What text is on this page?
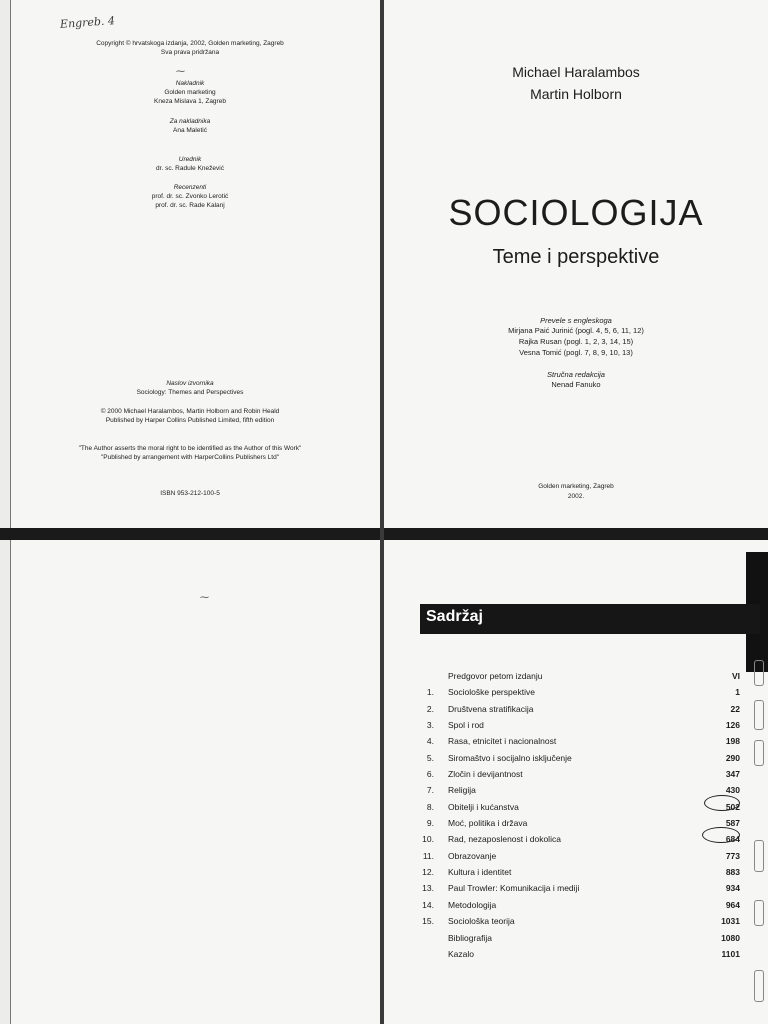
Engreb. 4
Copyright © hrvatskoga izdanja, 2002, Golden marketing, Zagreb
Sva prava pridržana
⁓
Nakladnik
Golden marketing
Kneza Mislava 1, Zagreb
Za nakladnika
Ana Maletić
Urednik
dr. sc. Radule Knežević
Recenzenti
prof. dr. sc. Zvonko Lerotić
prof. dr. sc. Rade Kalanj
Naslov izvornika
Sociology: Themes and Perspectives
© 2000 Michael Haralambos, Martin Holborn and Robin Heald
Published by Harper Collins Published Limited, fifth edition
"The Author asserts the moral right to be identified as the Author of this Work"
"Published by arrangement with HarperCollins Publishers Ltd"
ISBN 953-212-100-5
Michael Haralambos
Martin Holborn
SOCIOLOGIJA
Teme i perspektive
Prevele s engleskoga
Mirjana Paić Jurinić (pogl. 4, 5, 6, 11, 12)
Rajka Rusan (pogl. 1, 2, 3, 14, 15)
Vesna Tomić (pogl. 7, 8, 9, 10, 13)
Stručna redakcija
Nenad Fanuko
Golden marketing, Zagreb
2002.
⁓
Sadržaj
Predgovor petom izdanju	VI
1. Sociološke perspektive	1
2. Društvena stratifikacija	22
3. Spol i rod	126
4. Rasa, etnicitet i nacionalnost	198
5. Siromaštvo i socijalno isključenje	290
6. Zločin i devijantnost	347
7. Religija	430
8. Obitelji i kućanstva	502
9. Moć, politika i država	587
10. Rad, nezaposlenost i dokolica	684
11. Obrazovanje	773
12. Kultura i identitet	883
13. Paul Trowler: Komunikacija i mediji	934
14. Metodologija	964
15. Sociološka teorija	1031
Bibliografija	1080
Kazalo	1101
